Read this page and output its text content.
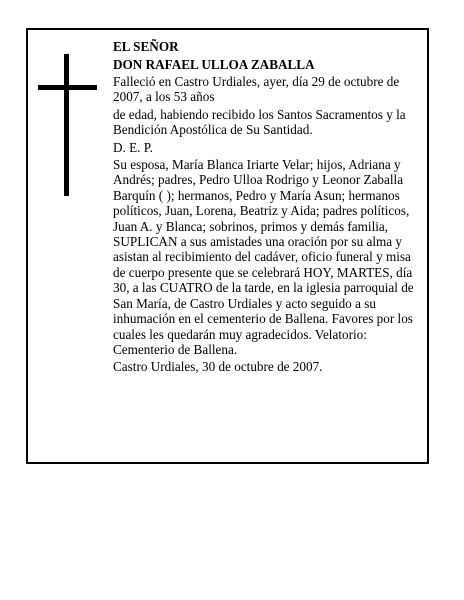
EL SEÑOR

DON RAFAEL ULLOA ZABALLA

Falleció en Castro Urdiales, ayer, día 29 de octubre de 2007, a los 53 años

de edad, habiendo recibido los Santos Sacramentos y la Bendición Apostólica de Su Santidad.

D. E. P.

Su esposa, María Blanca Iriarte Velar; hijos, Adriana y Andrés; padres, Pedro Ulloa Rodrigo y Leonor Zaballa Barquín ( ); hermanos, Pedro y María Asun; hermanos políticos, Juan, Lorena, Beatriz y Aida; padres políticos, Juan A. y Blanca; sobrinos, primos y demás familia,

SUPLICAN a sus amistades una oración por su alma y asistan al recibimiento del cadáver, oficio funeral y misa de cuerpo presente que se celebrará HOY, MARTES, día 30, a las CUATRO de la tarde, en la iglesia parroquial de San María, de Castro Urdiales y acto seguido a su inhumación en el cementerio de Ballena. Favores por los cuales les quedarán muy agradecidos. Velatorio: Cementerio de Ballena.

Castro Urdiales, 30 de octubre de 2007.
